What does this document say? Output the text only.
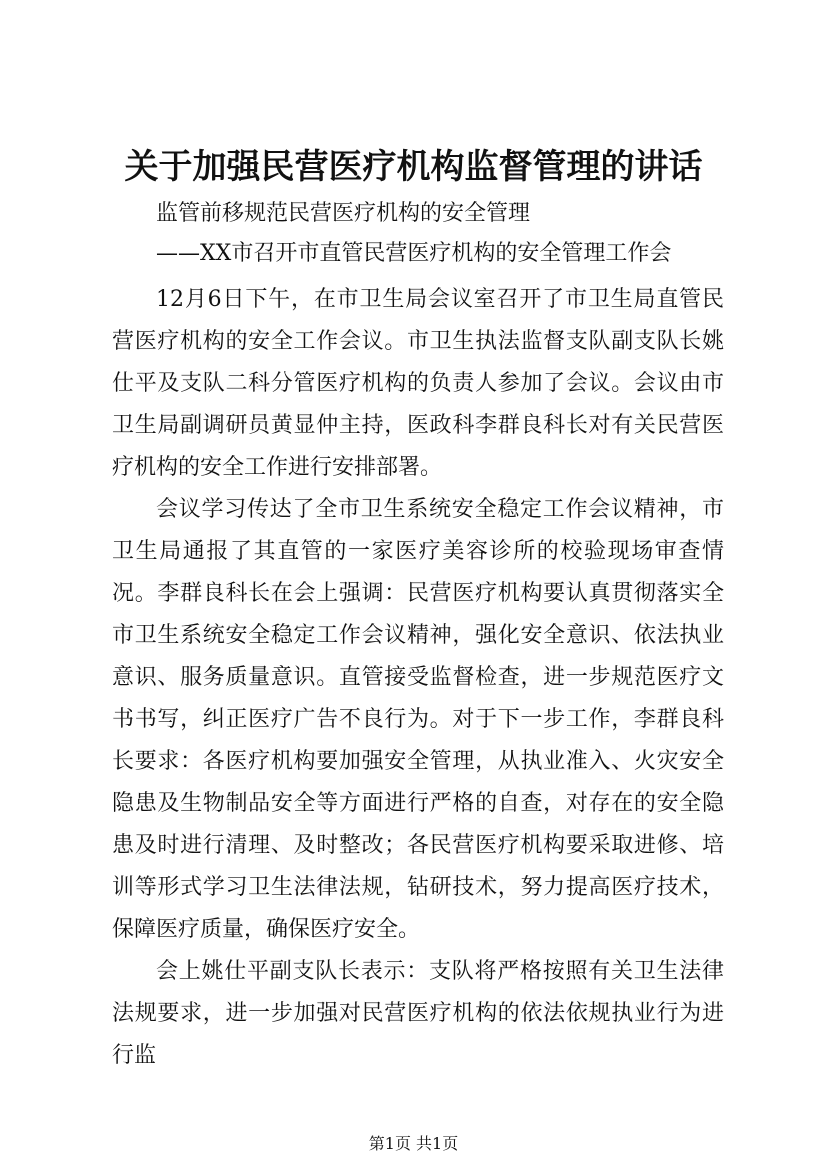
关于加强民营医疗机构监督管理的讲话
监管前移规范民营医疗机构的安全管理
——XX市召开市直管民营医疗机构的安全管理工作会

12月6日下午，在市卫生局会议室召开了市卫生局直管民营医疗机构的安全工作会议。市卫生执法监督支队副支队长姚仕平及支队二科分管医疗机构的负责人参加了会议。会议由市卫生局副调研员黄显仲主持，医政科李群良科长对有关民营医疗机构的安全工作进行安排部署。

会议学习传达了全市卫生系统安全稳定工作会议精神，市卫生局通报了其直管的一家医疗美容诊所的校验现场审查情况。李群良科长在会上强调：民营医疗机构要认真贯彻落实全市卫生系统安全稳定工作会议精神，强化安全意识、依法执业意识、服务质量意识。直管接受监督检查，进一步规范医疗文书书写，纠正医疗广告不良行为。对于下一步工作，李群良科长要求：各医疗机构要加强安全管理，从执业准入、火灾安全隐患及生物制品安全等方面进行严格的自查，对存在的安全隐患及时进行清理、及时整改；各民营医疗机构要采取进修、培训等形式学习卫生法律法规，钻研技术，努力提高医疗技术，保障医疗质量，确保医疗安全。

会上姚仕平副支队长表示：支队将严格按照有关卫生法律法规要求，进一步加强对民营医疗机构的依法依规执业行为进行监

第1页 共1页
